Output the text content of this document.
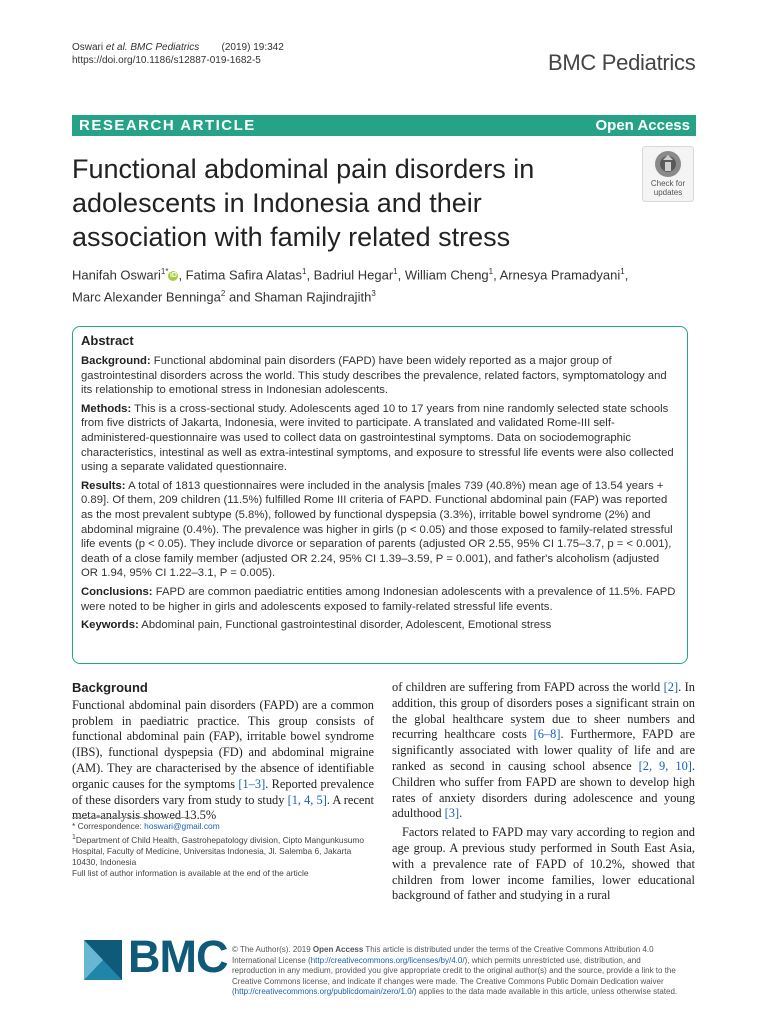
Oswari et al. BMC Pediatrics (2019) 19:342
https://doi.org/10.1186/s12887-019-1682-5	BMC Pediatrics
RESEARCH ARTICLE	Open Access
Functional abdominal pain disorders in adolescents in Indonesia and their association with family related stress
Check for
updates
Hanifah Oswari$^{1*}$ iD , Fatima Safira Alatas$^1$, Badriul Hegar$^1$, William Cheng$^1$, Arnesya Pramadyani$^1$,
Marc Alexander Benninga$^2$ and Shaman Rajindrajith$^3$
Abstract

Background: Functional abdominal pain disorders (FAPD) have been widely reported as a major group of gastrointestinal disorders across the world. This study describes the prevalence, related factors, symptomatology and its relationship to emotional stress in Indonesian adolescents.

Methods: This is a cross-sectional study. Adolescents aged 10 to 17 years from nine randomly selected state schools from five districts of Jakarta, Indonesia, were invited to participate. A translated and validated Rome-III self-administered-questionnaire was used to collect data on gastrointestinal symptoms. Data on sociodemographic characteristics, intestinal as well as extra-intestinal symptoms, and exposure to stressful life events were also collected using a separate validated questionnaire.

Results: A total of 1813 questionnaires were included in the analysis [males 739 (40.8%) mean age of 13.54 years + 0.89]. Of them, 209 children (11.5%) fulfilled Rome III criteria of FAPD. Functional abdominal pain (FAP) was reported as the most prevalent subtype (5.8%), followed by functional dyspepsia (3.3%), irritable bowel syndrome (2%) and abdominal migraine (0.4%). The prevalence was higher in girls (p < 0.05) and those exposed to family-related stressful life events (p < 0.05). They include divorce or separation of parents (adjusted OR 2.55, 95% CI 1.75–3.7, p = < 0.001), death of a close family member (adjusted OR 2.24, 95% CI 1.39–3.59, P = 0.001), and father's alcoholism (adjusted OR 1.94, 95% CI 1.22–3.1, P = 0.005).

Conclusions: FAPD are common paediatric entities among Indonesian adolescents with a prevalence of 11.5%. FAPD were noted to be higher in girls and adolescents exposed to family-related stressful life events.

Keywords: Abdominal pain, Functional gastrointestinal disorder, Adolescent, Emotional stress

Background

Functional abdominal pain disorders (FAPD) are a common problem in paediatric practice. This group consists of functional abdominal pain (FAP), irritable bowel syndrome (IBS), functional dyspepsia (FD) and abdominal migraine (AM). They are characterised by the absence of identifiable organic causes for the symptoms [1–3]. Reported prevalence of these disorders vary from study to study [1, 4, 5]. A recent meta-analysis showed 13.5%

of children are suffering from FAPD across the world [2]. In addition, this group of disorders poses a significant strain on the global healthcare system due to sheer numbers and recurring healthcare costs [6–8]. Furthermore, FAPD are significantly associated with lower quality of life and are ranked as second in causing school absence [2, 9, 10]. Children who suffer from FAPD are shown to develop high rates of anxiety disorders during adolescence and young adulthood [3].

Factors related to FAPD may vary according to region and age group. A previous study performed in South East Asia, with a prevalence rate of FAPD of 10.2%, showed that children from lower income families, lower educational background of father and studying in a rural

* Correspondence: hoswari@gmail.com
$^1$Department of Child Health, Gastrohepatology division, Cipto Mangunkusumo Hospital, Faculty of Medicine, Universitas Indonesia, Jl. Salemba 6, Jakarta 10430, Indonesia
Full list of author information is available at the end of the article
BMC © The Author(s). 2019 Open Access This article is distributed under the terms of the Creative Commons Attribution 4.0 International License (http://creativecommons.org/licenses/by/4.0/), which permits unrestricted use, distribution, and reproduction in any medium, provided you give appropriate credit to the original author(s) and the source, provide a link to the Creative Commons license, and indicate if changes were made. The Creative Commons Public Domain Dedication waiver (http://creativecommons.org/publicdomain/zero/1.0/) applies to the data made available in this article, unless otherwise stated.
